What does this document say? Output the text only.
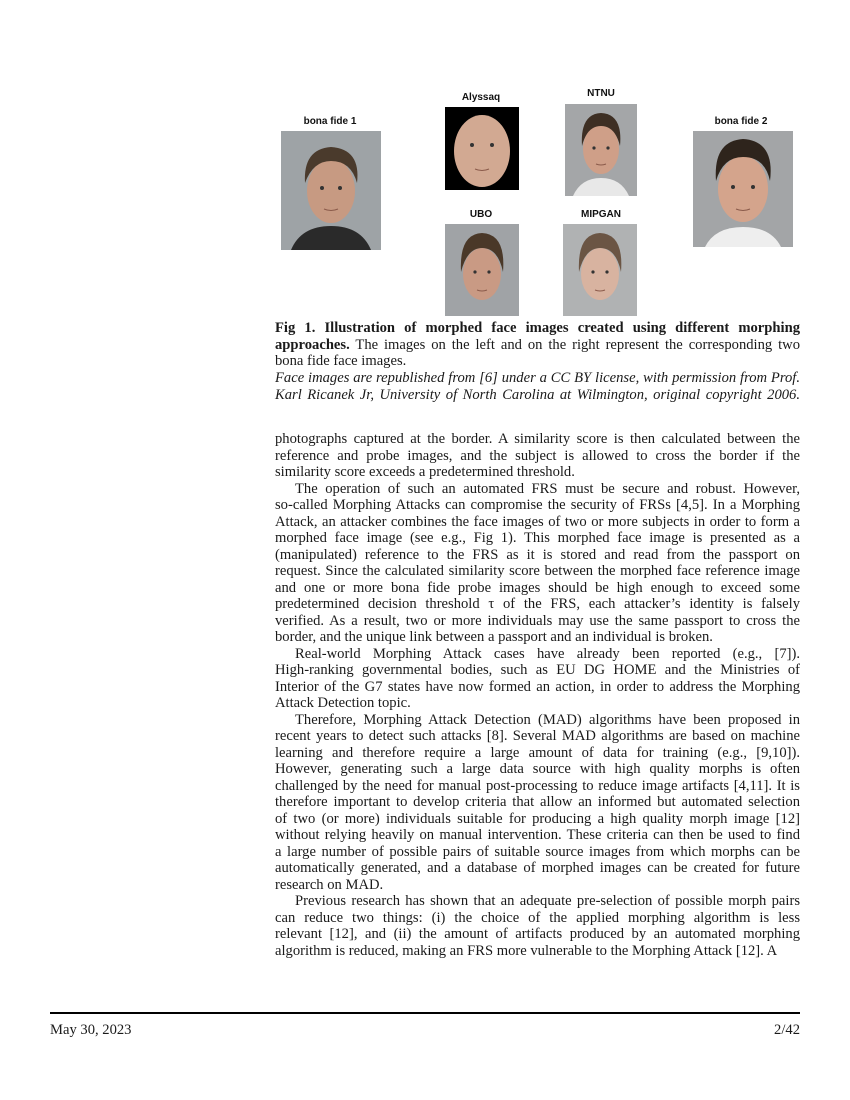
bona fide 1
Alyssaq	NTNU
bona fide 2
UBO	MIPGAN
Fig 1. Illustration of morphed face images created using different morphing
approaches. The images on the left and on the right represent the corresponding two
bona fide face images.
Face images are republished from [6] under a CC BY license, with permission from Prof.
Karl Ricanek Jr, University of North Carolina at Wilmington, original copyright 2006.
photographs captured at the border. A similarity score is then calculated between the
reference and probe images, and the subject is allowed to cross the border if the
similarity score exceeds a predetermined threshold.
The operation of such an automated FRS must be secure and robust. However,
so-called Morphing Attacks can compromise the security of FRSs [4,5]. In a Morphing
Attack, an attacker combines the face images of two or more subjects in order to form a
morphed face image (see e.g., Fig 1). This morphed face image is presented as a
(manipulated) reference to the FRS as it is stored and read from the passport on
request. Since the calculated similarity score between the morphed face reference image
and one or more bona fide probe images should be high enough to exceed some
predetermined decision threshold τ of the FRS, each attacker’s identity is falsely
verified. As a result, two or more individuals may use the same passport to cross the
border, and the unique link between a passport and an individual is broken.
Real-world Morphing Attack cases have already been reported (e.g., [7]).
High-ranking governmental bodies, such as EU DG HOME and the Ministries of
Interior of the G7 states have now formed an action, in order to address the Morphing
Attack Detection topic.
Therefore, Morphing Attack Detection (MAD) algorithms have been proposed in
recent years to detect such attacks [8]. Several MAD algorithms are based on machine
learning and therefore require a large amount of data for training (e.g., [9,10]).
However, generating such a large data source with high quality morphs is often
challenged by the need for manual post-processing to reduce image artifacts [4,11]. It is
therefore important to develop criteria that allow an informed but automated selection
of two (or more) individuals suitable for producing a high quality morph image [12]
without relying heavily on manual intervention. These criteria can then be used to find
a large number of possible pairs of suitable source images from which morphs can be
automatically generated, and a database of morphed images can be created for future
research on MAD.
Previous research has shown that an adequate pre-selection of possible morph pairs
can reduce two things: (i) the choice of the applied morphing algorithm is less
relevant [12], and (ii) the amount of artifacts produced by an automated morphing
algorithm is reduced, making an FRS more vulnerable to the Morphing Attack [12]. A
May 30, 2023	2/42
